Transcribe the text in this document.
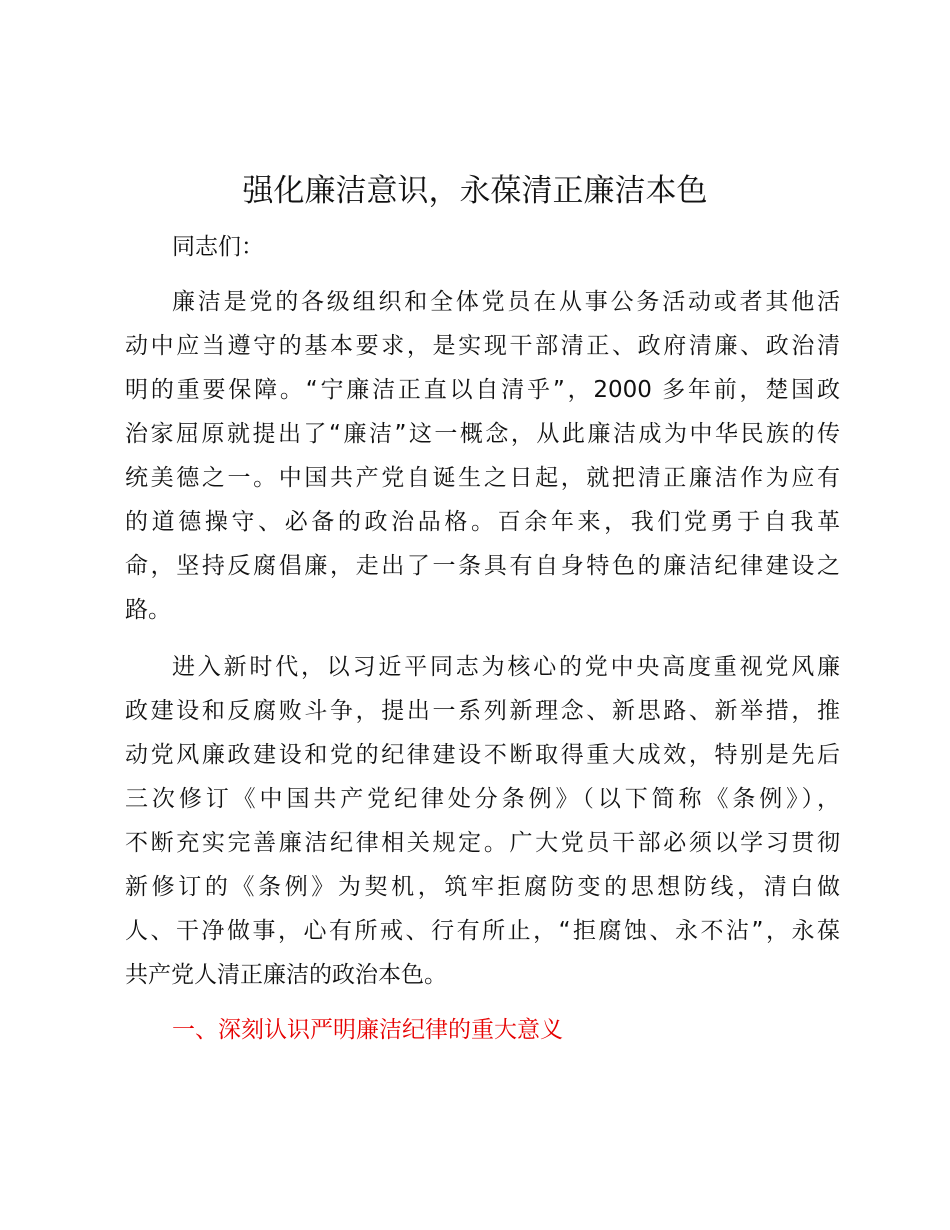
强化廉洁意识，永葆清正廉洁本色

同志们：

廉洁是党的各级组织和全体党员在从事公务活动或者其他活

动中应当遵守的基本要求，是实现干部清正、政府清廉、政治清

明的重要保障。“宁廉洁正直以自清乎”，2000 多年前，楚国政

治家屈原就提出了“廉洁”这一概念，从此廉洁成为中华民族的传

统美德之一。中国共产党自诞生之日起，就把清正廉洁作为应有

的道德操守、必备的政治品格。百余年来，我们党勇于自我革

命，坚持反腐倡廉，走出了一条具有自身特色的廉洁纪律建设之

路。

进入新时代，以习近平同志为核心的党中央高度重视党风廉

政建设和反腐败斗争，提出一系列新理念、新思路、新举措，推

动党风廉政建设和党的纪律建设不断取得重大成效，特别是先后

三次修订《中国共产党纪律处分条例》（以下简称《条例》），

不断充实完善廉洁纪律相关规定。广大党员干部必须以学习贯彻

新修订的《条例》为契机，筑牢拒腐防变的思想防线，清白做

人、干净做事，心有所戒、行有所止，“拒腐蚀、永不沾”，永葆

共产党人清正廉洁的政治本色。

一、深刻认识严明廉洁纪律的重大意义
